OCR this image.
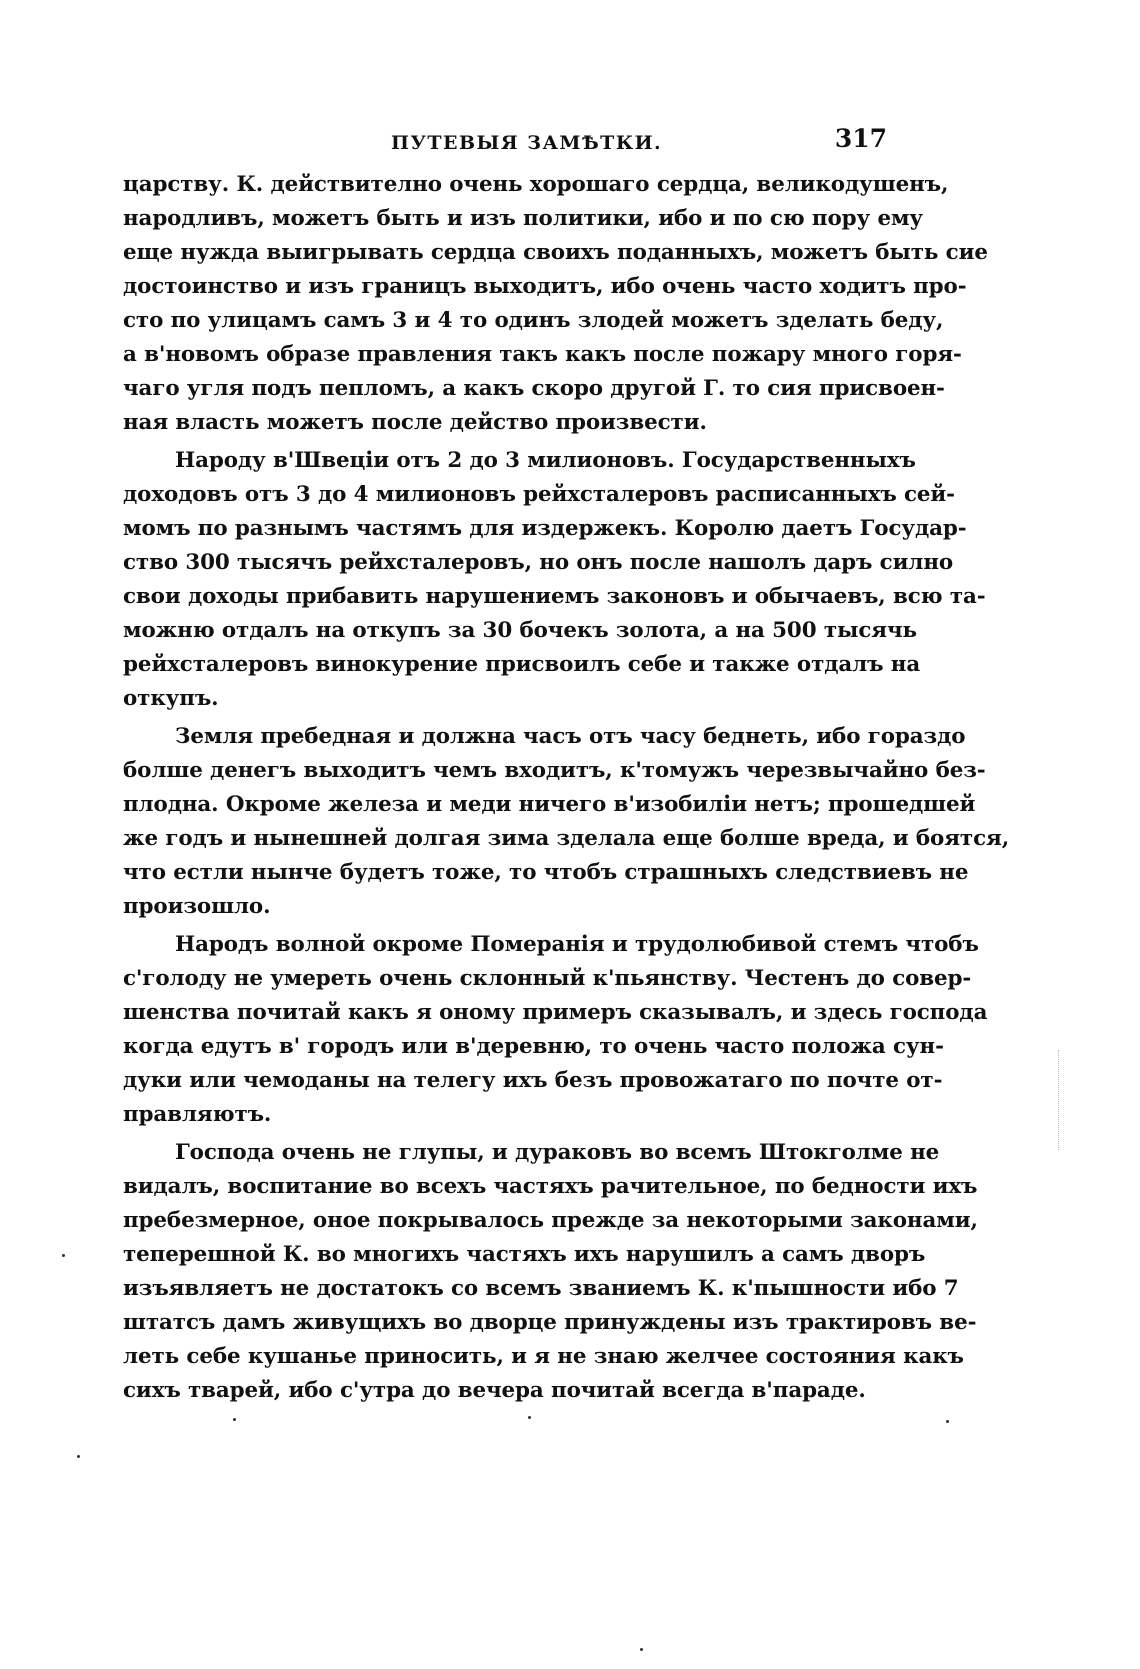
ПУТЕВЫЯ ЗАМѢТКИ.	317
царству. К. действително очень хорошаго сердца, великодушенъ,
народливъ, можетъ быть и изъ политики, ибо и по сю пору ему
еще нужда выигрывать сердца своихъ поданныхъ, можетъ быть сие
достоинство и изъ границъ выходитъ, ибо очень часто ходитъ про-
сто по улицамъ самъ 3 и 4 то одинъ злодей можетъ зделать беду,
а в'новомъ образе правления такъ какъ после пожару много горя-
чаго угля подъ пепломъ, а какъ скоро другой Г. то сия присвоен-
ная власть можетъ после действо произвести.
Народу в'Швеціи отъ 2 до 3 милионовъ. Государственныхъ
доходовъ отъ 3 до 4 милионовъ рейхсталеровъ расписанныхъ сей-
момъ по разнымъ частямъ для издержекъ. Королю даетъ Государ-
ство 300 тысячъ рейхсталеровъ, но онъ после нашолъ даръ силно
свои доходы прибавить нарушениемъ законовъ и обычаевъ, всю та-
можню отдалъ на откупъ за 30 бочекъ золота, а на 500 тысячь
рейхсталеровъ винокурение присвоилъ себе и также отдалъ на
откупъ.
Земля пребедная и должна часъ отъ часу беднеть, ибо гораздо
болше денегъ выходитъ чемъ входитъ, к'томужъ черезвычайно без-
плодна. Окроме железа и меди ничего в'изобиліи нетъ; прошедшей
же годъ и нынешней долгая зима зделала еще болше вреда, и боятся,
что естли нынче будетъ тоже, то чтобъ страшныхъ следствиевъ не
произошло.
Народъ волной окроме Померанія и трудолюбивой стемъ чтобъ
с'голоду не умереть очень склонный к'пьянству. Честенъ до совер-
шенства почитай какъ я оному примеръ сказывалъ, и здесь господа
когда едутъ в' городъ или в'деревню, то очень часто положа сун-
дуки или чемоданы на телегу ихъ безъ провожатаго по почте от-
правляютъ.
Господа очень не глупы, и дураковъ во всемъ Штокголме не
видалъ, воспитание во всехъ частяхъ рачительное, по бедности ихъ
пребезмерное, оное покрывалось прежде за некоторыми законами,
теперешной К. во многихъ частяхъ ихъ нарушилъ а самъ дворъ
изъявляетъ не достатокъ со всемъ званиемъ К. к'пышности ибо 7
штатсъ дамъ живущихъ во дворце принуждены изъ трактировъ ве-
леть себе кушанье приносить, и я не знаю желчее состояния какъ
сихъ тварей, ибо с'утра до вечера почитай всегда в'параде.
